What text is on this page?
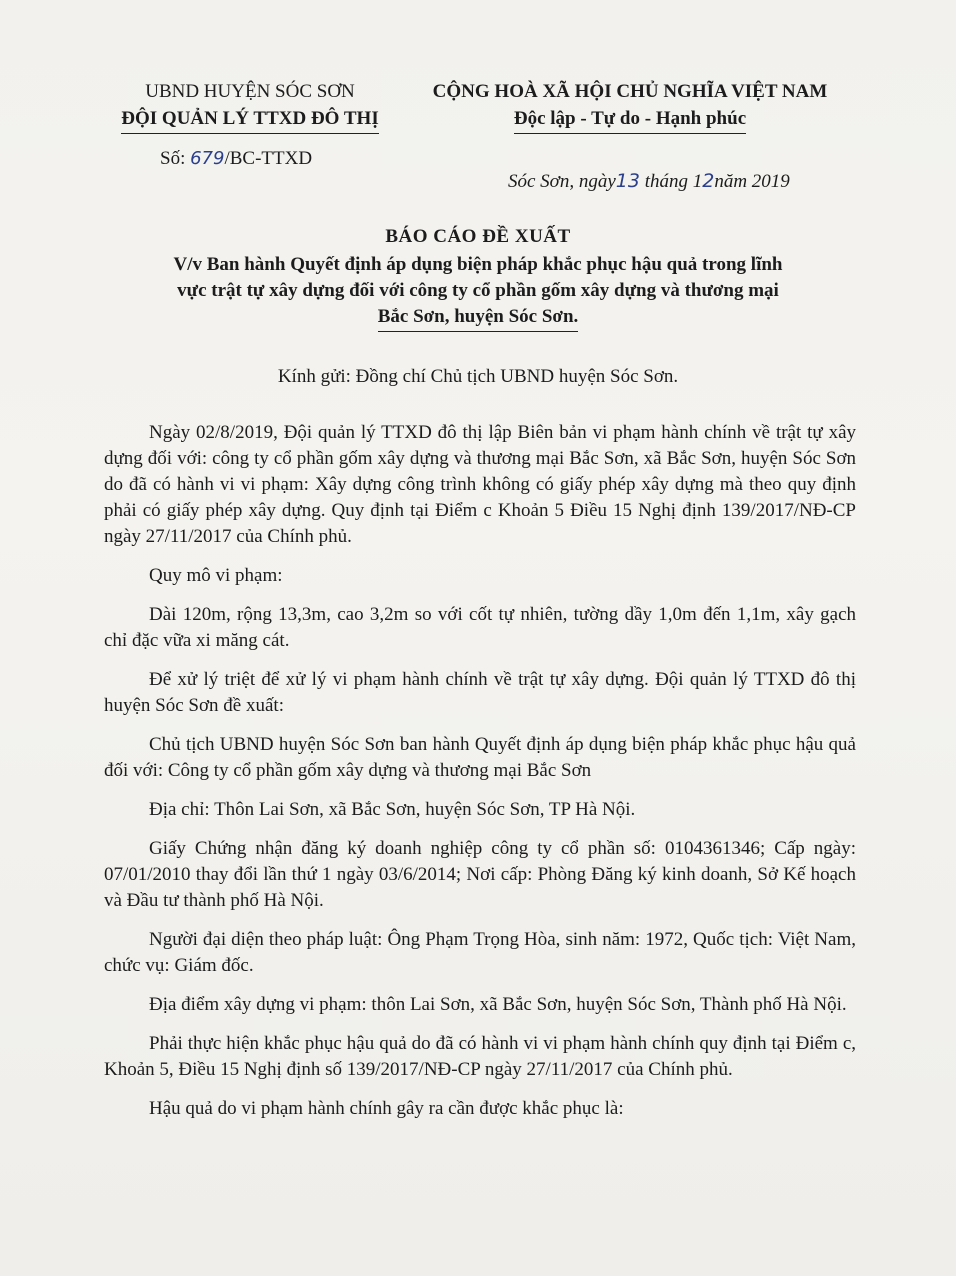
UBND HUYỆN SÓC SƠN
ĐỘI QUẢN LÝ TTXD ĐÔ THỊ
CỘNG HOÀ XÃ HỘI CHỦ NGHĨA VIỆT NAM
Độc lập - Tự do - Hạnh phúc
Số: 679/BC-TTXD
Sóc Sơn, ngày13 tháng 12năm 2019
BÁO CÁO ĐỀ XUẤT
V/v Ban hành Quyết định áp dụng biện pháp khắc phục hậu quả trong lĩnh
vực trật tự xây dựng đối với công ty cổ phần gốm xây dựng và thương mại
Bắc Sơn, huyện Sóc Sơn.
Kính gửi: Đồng chí Chủ tịch UBND huyện Sóc Sơn.

Ngày 02/8/2019, Đội quản lý TTXD đô thị lập Biên bản vi phạm hành chính về trật tự xây dựng đối với: công ty cổ phần gốm xây dựng và thương mại Bắc Sơn, xã Bắc Sơn, huyện Sóc Sơn do đã có hành vi vi phạm: Xây dựng công trình không có giấy phép xây dựng mà theo quy định phải có giấy phép xây dựng. Quy định tại Điểm c Khoản 5 Điều 15 Nghị định 139/2017/NĐ-CP ngày 27/11/2017 của Chính phủ.

Quy mô vi phạm:

Dài 120m, rộng 13,3m, cao 3,2m so với cốt tự nhiên, tường dầy 1,0m đến 1,1m, xây gạch chỉ đặc vữa xi măng cát.

Để xử lý triệt để xử lý vi phạm hành chính về trật tự xây dựng. Đội quản lý TTXD đô thị huyện Sóc Sơn đề xuất:

Chủ tịch UBND huyện Sóc Sơn ban hành Quyết định áp dụng biện pháp khắc phục hậu quả đối với: Công ty cổ phần gốm xây dựng và thương mại Bắc Sơn

Địa chỉ: Thôn Lai Sơn, xã Bắc Sơn, huyện Sóc Sơn, TP Hà Nội.

Giấy Chứng nhận đăng ký doanh nghiệp công ty cổ phần số: 0104361346; Cấp ngày: 07/01/2010 thay đổi lần thứ 1 ngày 03/6/2014; Nơi cấp: Phòng Đăng ký kinh doanh, Sở Kế hoạch và Đầu tư thành phố Hà Nội.

Người đại diện theo pháp luật: Ông Phạm Trọng Hòa, sinh năm: 1972, Quốc tịch: Việt Nam, chức vụ: Giám đốc.

Địa điểm xây dựng vi phạm: thôn Lai Sơn, xã Bắc Sơn, huyện Sóc Sơn, Thành phố Hà Nội.

Phải thực hiện khắc phục hậu quả do đã có hành vi vi phạm hành chính quy định tại Điểm c, Khoản 5, Điều 15 Nghị định số 139/2017/NĐ-CP ngày 27/11/2017 của Chính phủ.

Hậu quả do vi phạm hành chính gây ra cần được khắc phục là:
